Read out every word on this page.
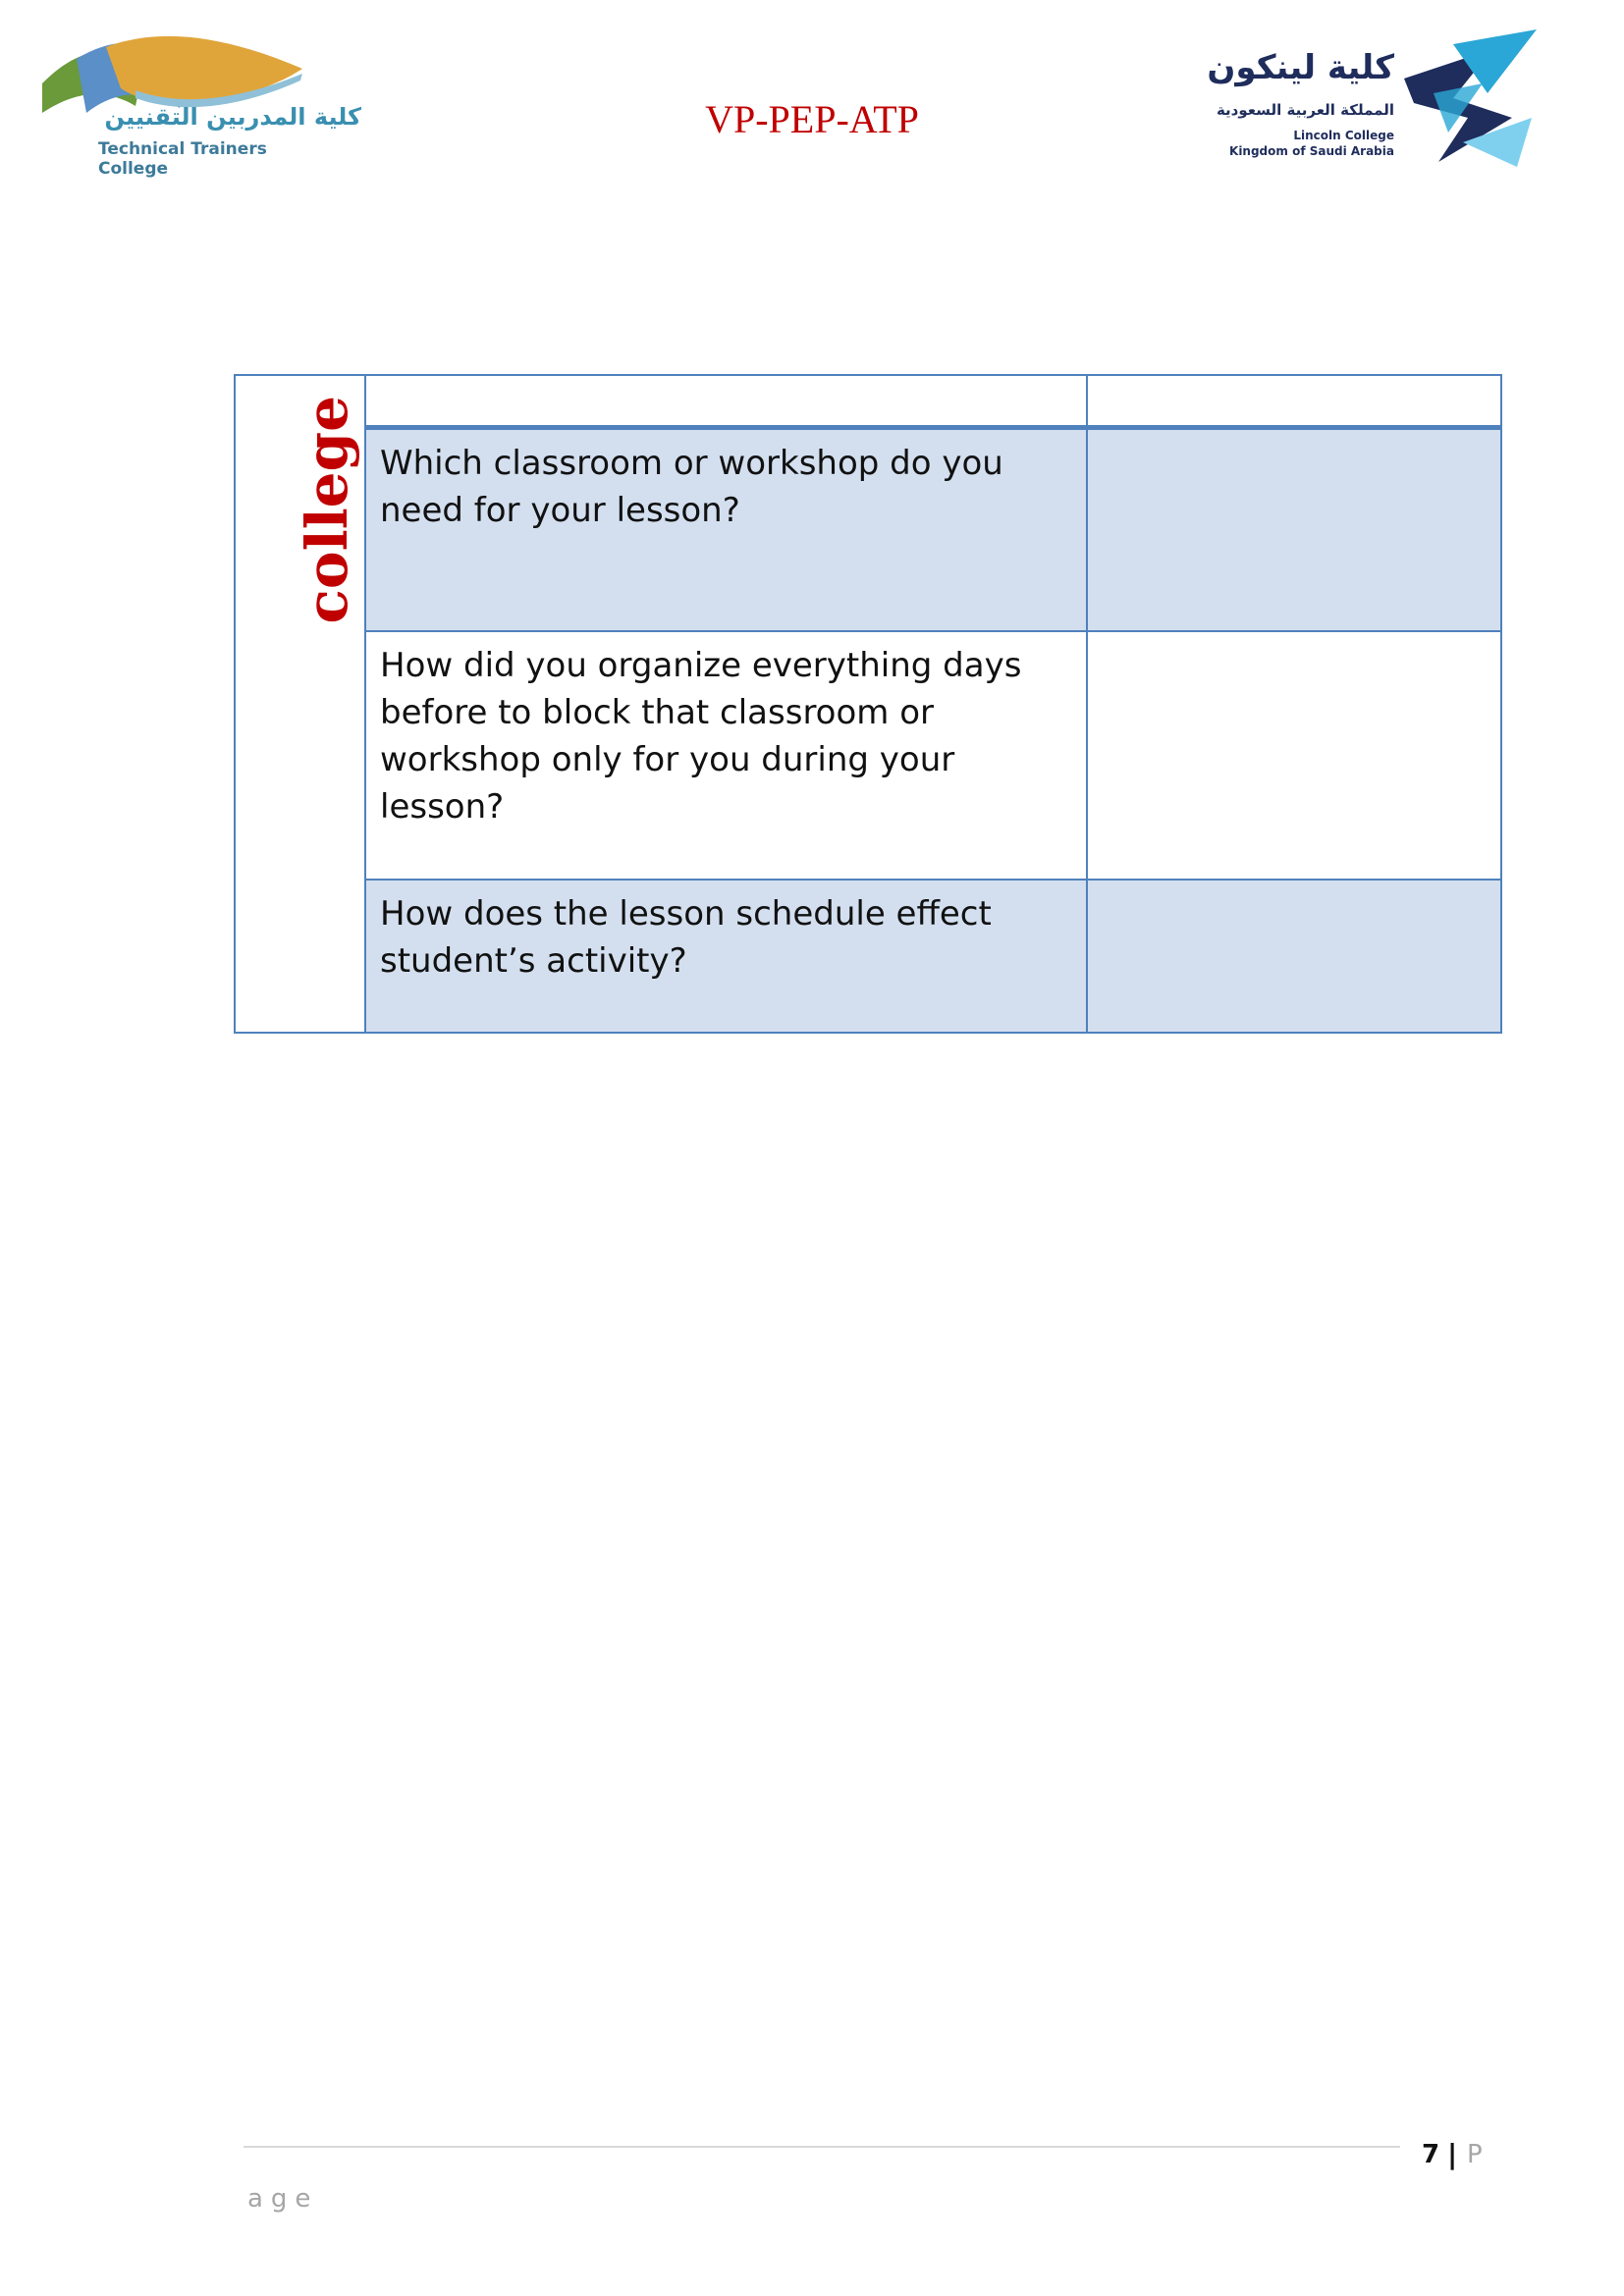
كلية المدربين التقنيين
Technical Trainers College
VP-PEP-ATP
كلية لينكون
المملكة العربية السعودية
Lincoln College
Kingdom of Saudi Arabia
college		

	Which classroom or workshop do you need for your lesson?	

	How did you organize everything days before to block that classroom or workshop only for you during your lesson?	

	How does the lesson schedule effect student’s activity?	

7 | P
age
